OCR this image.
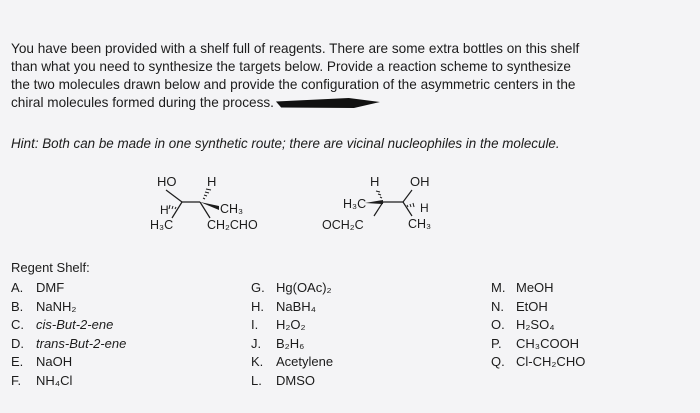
You have been provided with a shelf full of reagents. There are some extra bottles on this shelf
than what you need to synthesize the targets below. Provide a reaction scheme to synthesize
the two molecules drawn below and provide the configuration of the asymmetric centers in the
chiral molecules formed during the process.
Hint: Both can be made in one synthetic route; there are vicinal nucleophiles in the molecule.
HO H
H	CH₃
H₃C	CH₂CHO
H OH
H₃C	H
OCH₂C	CH₃
Regent Shelf:
A. DMF
B. NaNH₂
C. cis-But-2-ene
D. trans-But-2-ene
E. NaOH
F. NH₄Cl
G. Hg(OAc)₂
H. NaBH₄
I. H₂O₂
J. B₂H₆
K. Acetylene
L. DMSO
M. MeOH
N. EtOH
O. H₂SO₄
P. CH₃COOH
Q. Cl-CH₂CHO
